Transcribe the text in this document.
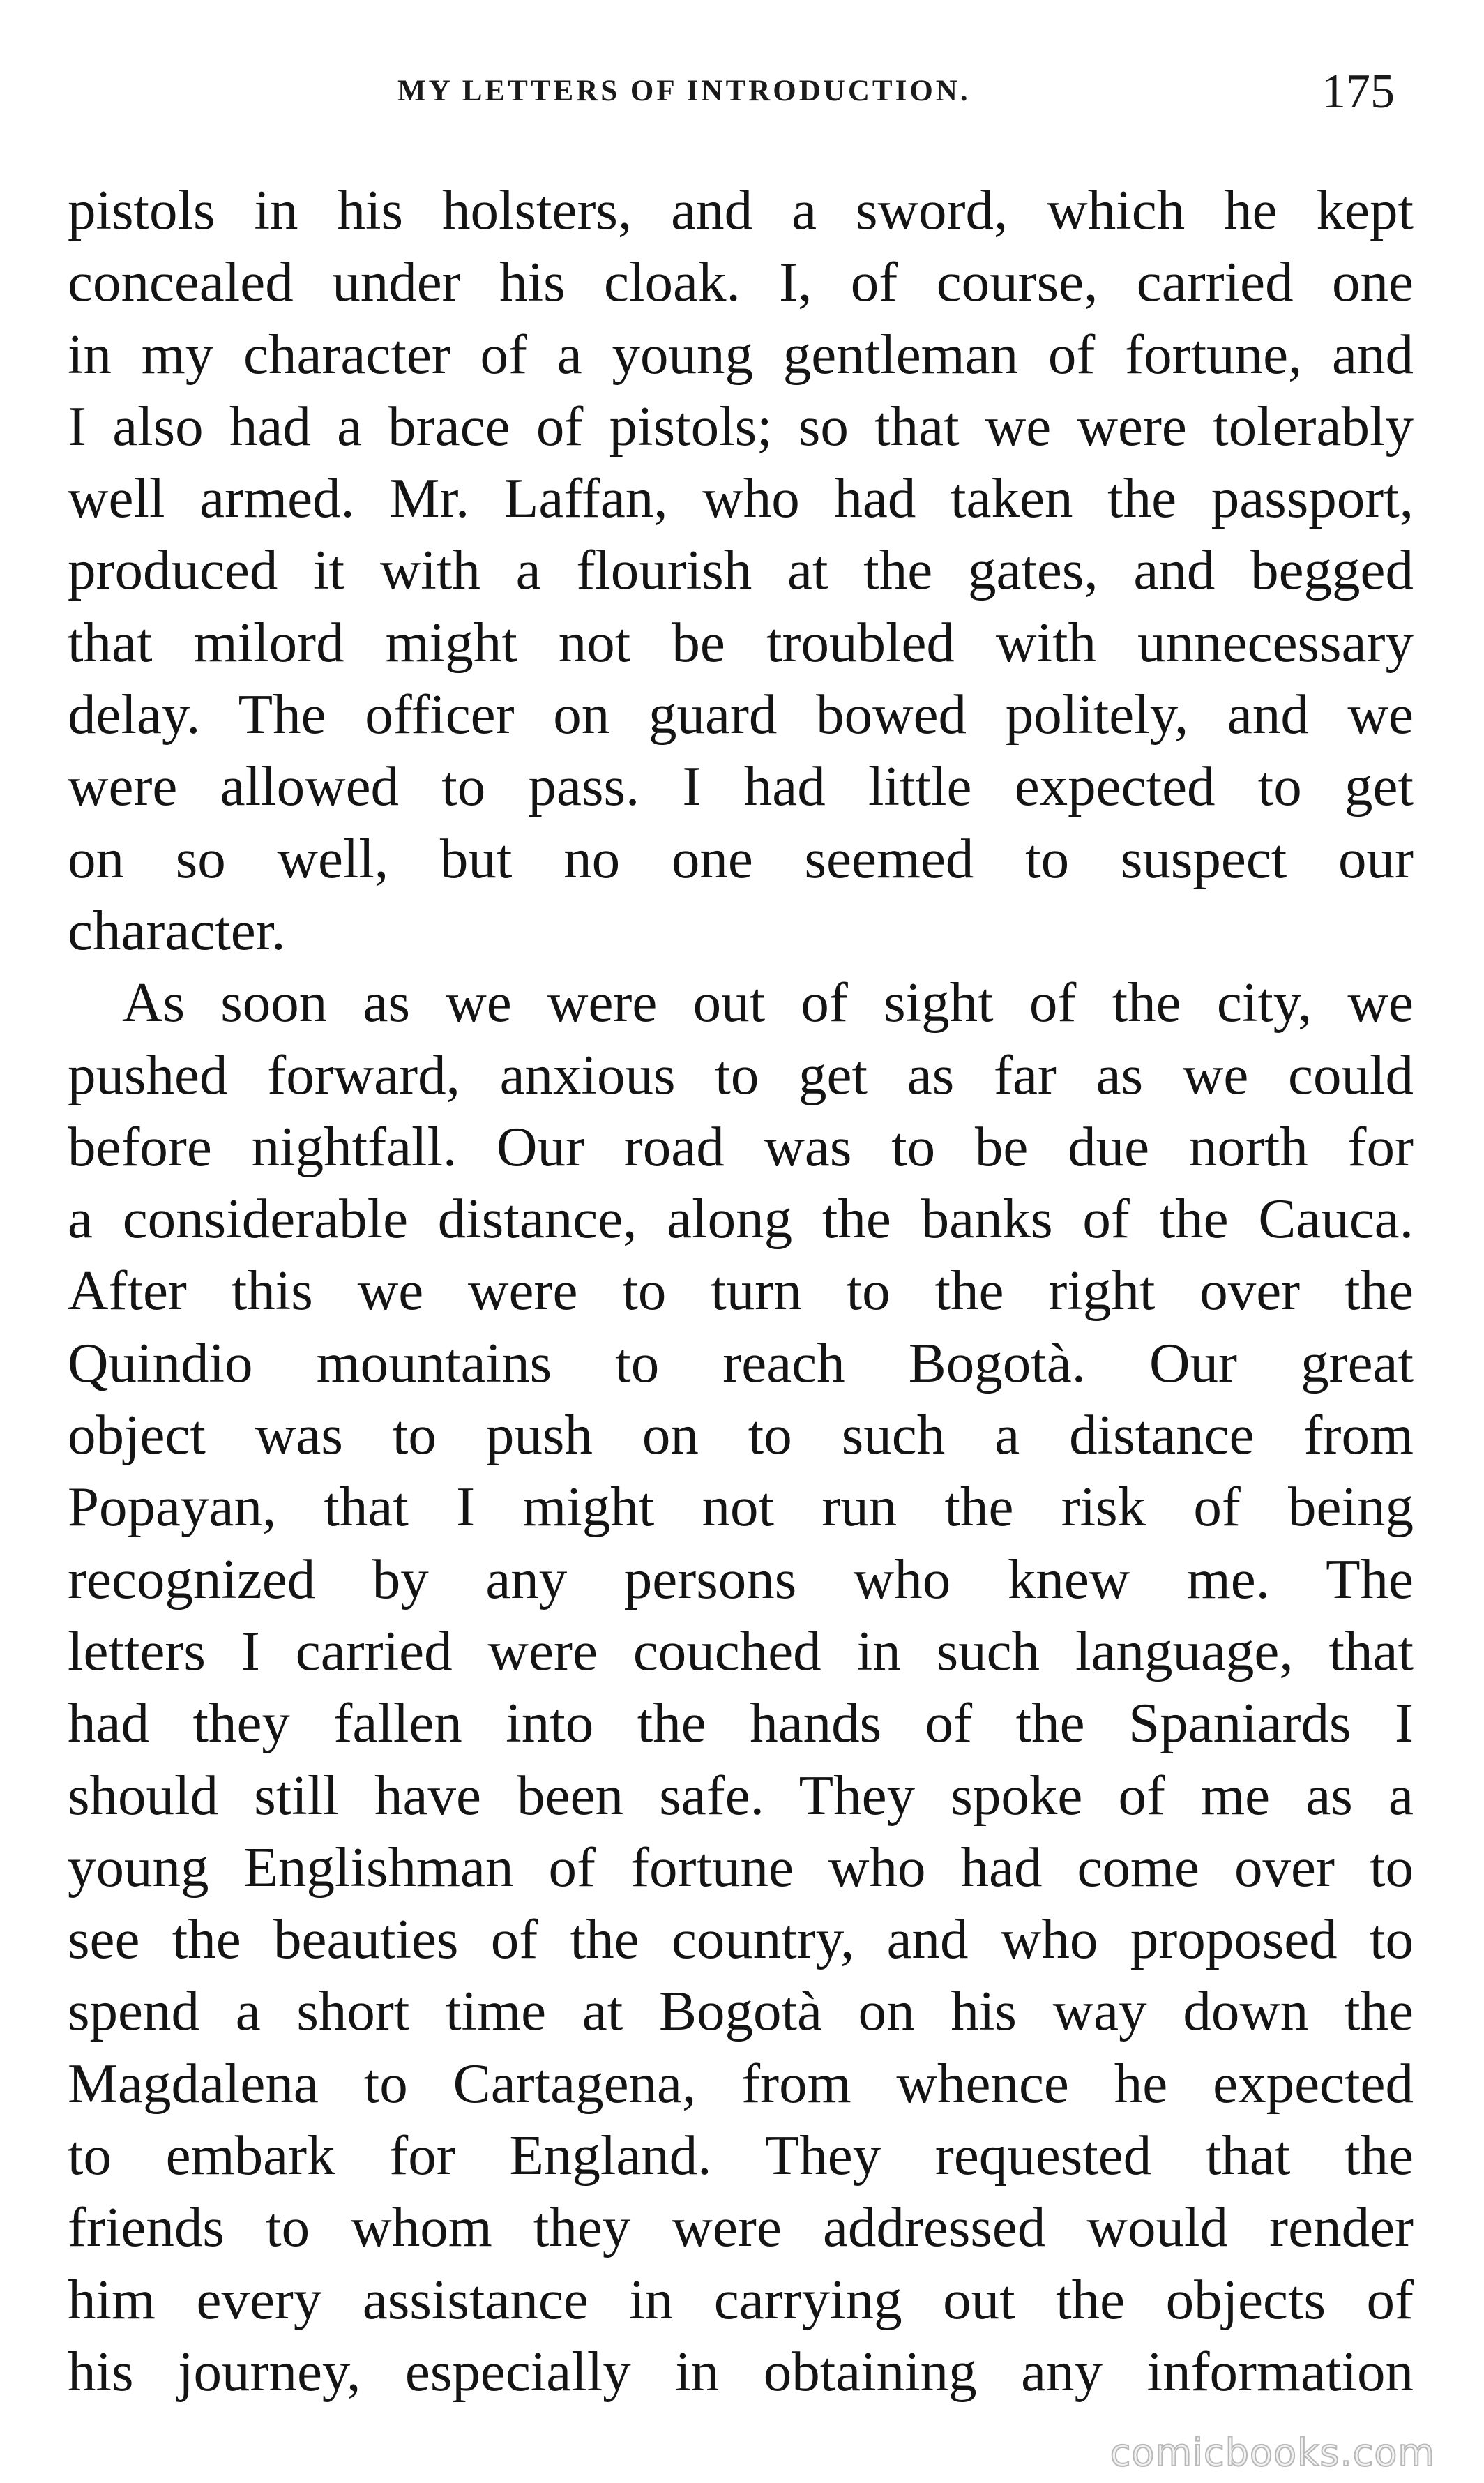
MY LETTERS OF INTRODUCTION.	175
pistols in his holsters, and a sword, which he kept
concealed under his cloak. I, of course, carried one
in my character of a young gentleman of fortune, and
I also had a brace of pistols; so that we were tolerably
well armed. Mr. Laffan, who had taken the passport,
produced it with a flourish at the gates, and begged
that milord might not be troubled with unnecessary
delay. The officer on guard bowed politely, and we
were allowed to pass. I had little expected to get
on so well, but no one seemed to suspect our
character.
As soon as we were out of sight of the city, we
pushed forward, anxious to get as far as we could
before nightfall. Our road was to be due north for
a considerable distance, along the banks of the Cauca.
After this we were to turn to the right over the
Quindio mountains to reach Bogotà. Our great
object was to push on to such a distance from
Popayan, that I might not run the risk of being
recognized by any persons who knew me. The
letters I carried were couched in such language, that
had they fallen into the hands of the Spaniards I
should still have been safe. They spoke of me as a
young Englishman of fortune who had come over to
see the beauties of the country, and who proposed to
spend a short time at Bogotà on his way down the
Magdalena to Cartagena, from whence he expected
to embark for England. They requested that the
friends to whom they were addressed would render
him every assistance in carrying out the objects of
his journey, especially in obtaining any information
comicbooks.com
